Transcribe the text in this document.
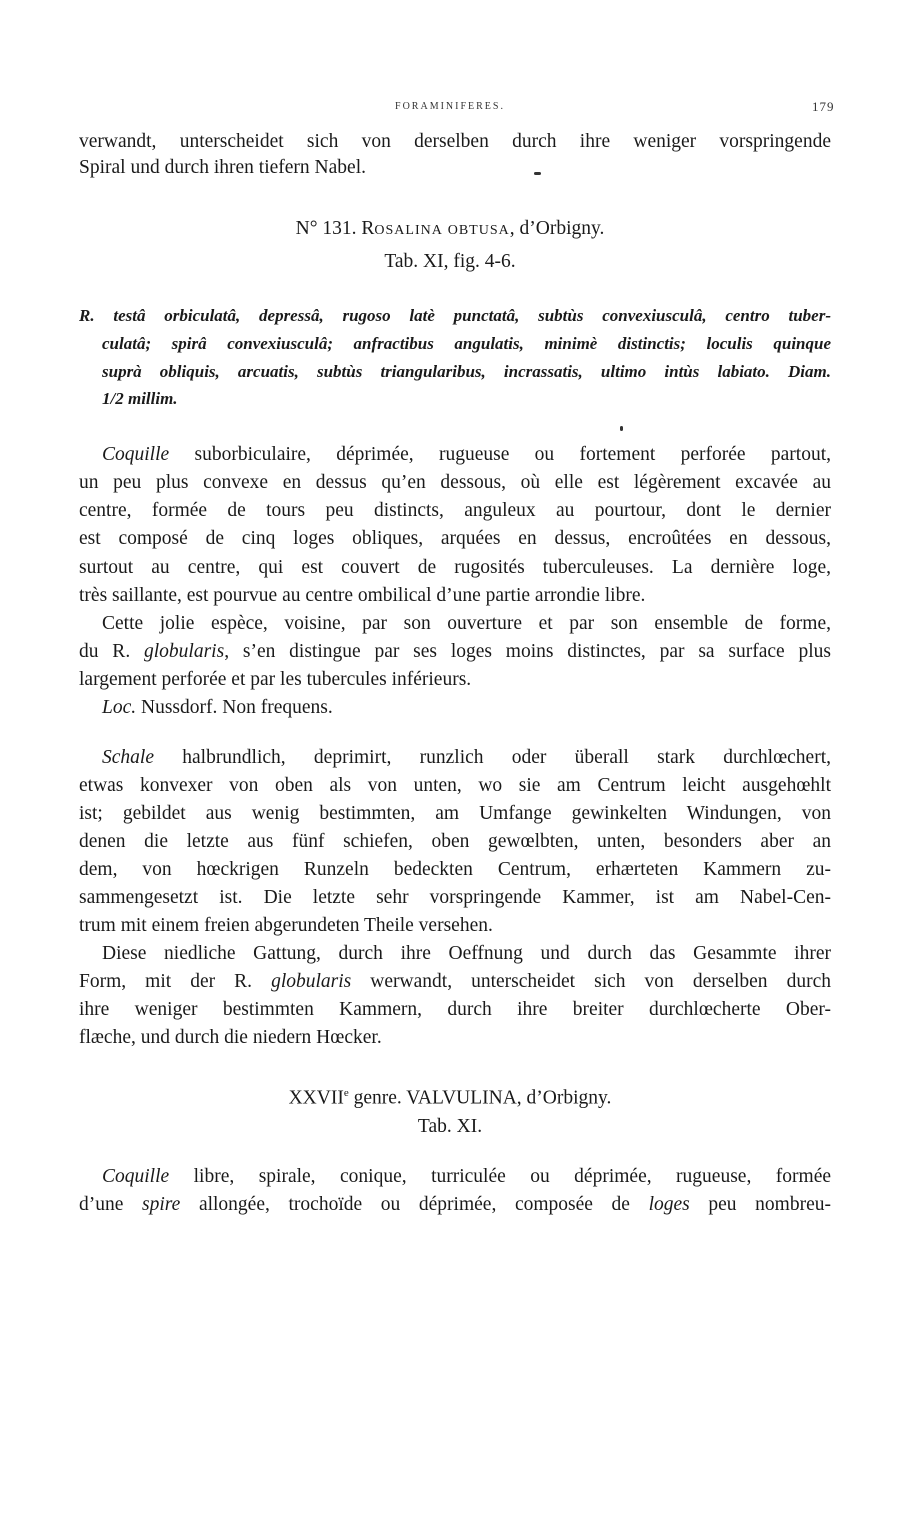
FORAMINIFERES.	179
verwandt, unterscheidet sich von derselben durch ihre weniger vorspringende
Spiral und durch ihren tiefern Nabel.
N° 131. ROSALINA OBTUSA, d’Orbigny.
Tab. XI, fig. 4-6.
R. testâ orbiculatâ, depressâ, rugoso latè punctatâ, subtùs convexiusculâ, centro tuber-
culatâ; spirâ convexiusculâ; anfractibus angulatis, minimè distinctis; loculis quinque
suprà obliquis, arcuatis, subtùs triangularibus, incrassatis, ultimo intùs labiato. Diam.
1/2 millim.
Coquille suborbiculaire, déprimée, rugueuse ou fortement perforée partout,
un peu plus convexe en dessus qu’en dessous, où elle est légèrement excavée au
centre, formée de tours peu distincts, anguleux au pourtour, dont le dernier
est composé de cinq loges obliques, arquées en dessus, encroûtées en dessous,
surtout au centre, qui est couvert de rugosités tuberculeuses. La dernière loge,
très saillante, est pourvue au centre ombilical d’une partie arrondie libre.
Cette jolie espèce, voisine, par son ouverture et par son ensemble de forme,
du R. globularis, s’en distingue par ses loges moins distinctes, par sa surface plus
largement perforée et par les tubercules inférieurs.
Loc. Nussdorf. Non frequens.
Schale halbrundlich, deprimirt, runzlich oder überall stark durchlœchert,
etwas konvexer von oben als von unten, wo sie am Centrum leicht ausgehœhlt
ist; gebildet aus wenig bestimmten, am Umfange gewinkelten Windungen, von
denen die letzte aus fünf schiefen, oben gewœlbten, unten, besonders aber an
dem, von hœckrigen Runzeln bedeckten Centrum, erhærteten Kammern zu-
sammengesetzt ist. Die letzte sehr vorspringende Kammer, ist am Nabel-Cen-
trum mit einem freien abgerundeten Theile versehen.
Diese niedliche Gattung, durch ihre Oeffnung und durch das Gesammte ihrer
Form, mit der R. globularis werwandt, unterscheidet sich von derselben durch
ihre weniger bestimmten Kammern, durch ihre breiter durchlœcherte Ober-
flæche, und durch die niedern Hœcker.
XXVIIe genre. VALVULINA, d’Orbigny.
Tab. XI.
Coquille libre, spirale, conique, turriculée ou déprimée, rugueuse, formée
d’une spire allongée, trochoïde ou déprimée, composée de loges peu nombreu-
